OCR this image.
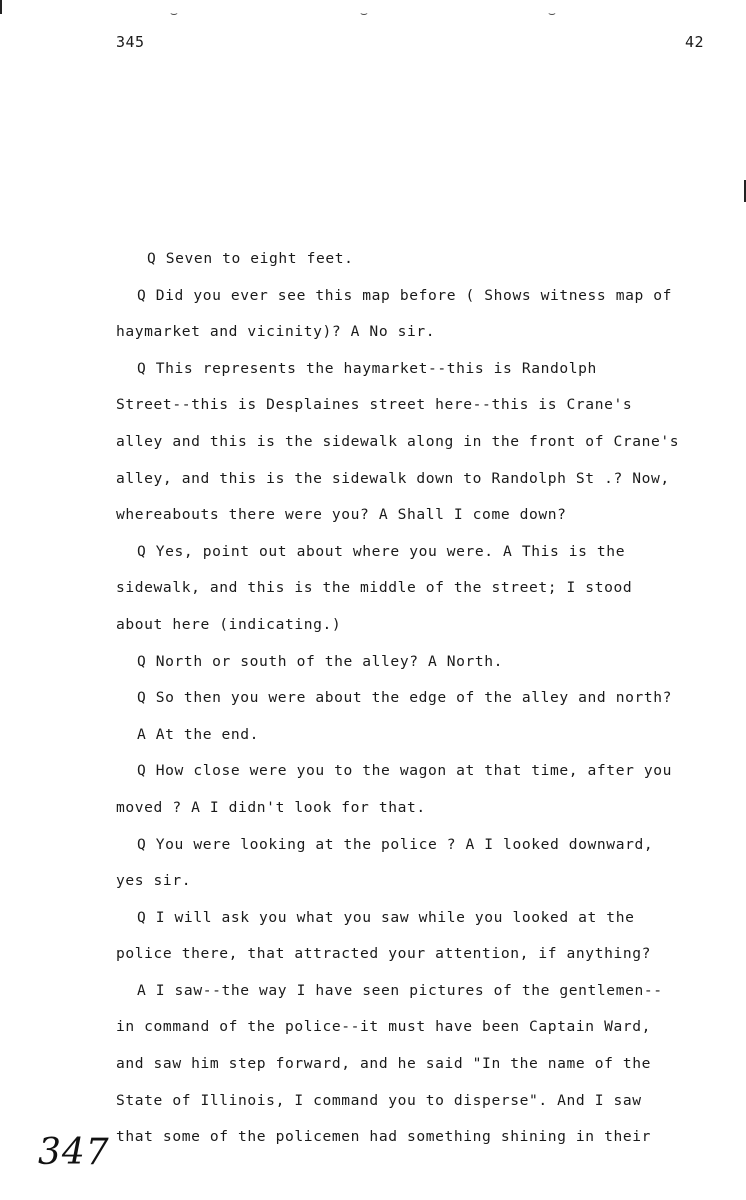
⌣	⌣	⌣
345	42
Q Seven to eight feet.
Q Did you ever see this map before ( Shows witness map of
haymarket and vicinity)? A No sir.
Q This represents the haymarket--this is Randolph
Street--this is Desplaines street here--this is Crane's
alley and this is the sidewalk along in the front of Crane's
alley, and this is the sidewalk down to Randolph St .? Now,
whereabouts there were you? A Shall I come down?
Q Yes, point out about where you were. A This is the
sidewalk, and this is the middle of the street; I stood
about here (indicating.)
Q North or south of the alley? A North.
Q So then you were about the edge of the alley and north?
A At the end.
Q How close were you to the wagon at that time, after you
moved ? A I didn't look for that.
Q You were looking at the police ? A I looked downward,
yes sir.
Q I will ask you what you saw while you looked at the
police there, that attracted your attention, if anything?
A I saw--the way I have seen pictures of the gentlemen--
in command of the police--it must have been Captain Ward,
and saw him step forward, and he said "In the name of the
State of Illinois, I command you to disperse". And I saw
that some of the policemen had something shining in their
347
